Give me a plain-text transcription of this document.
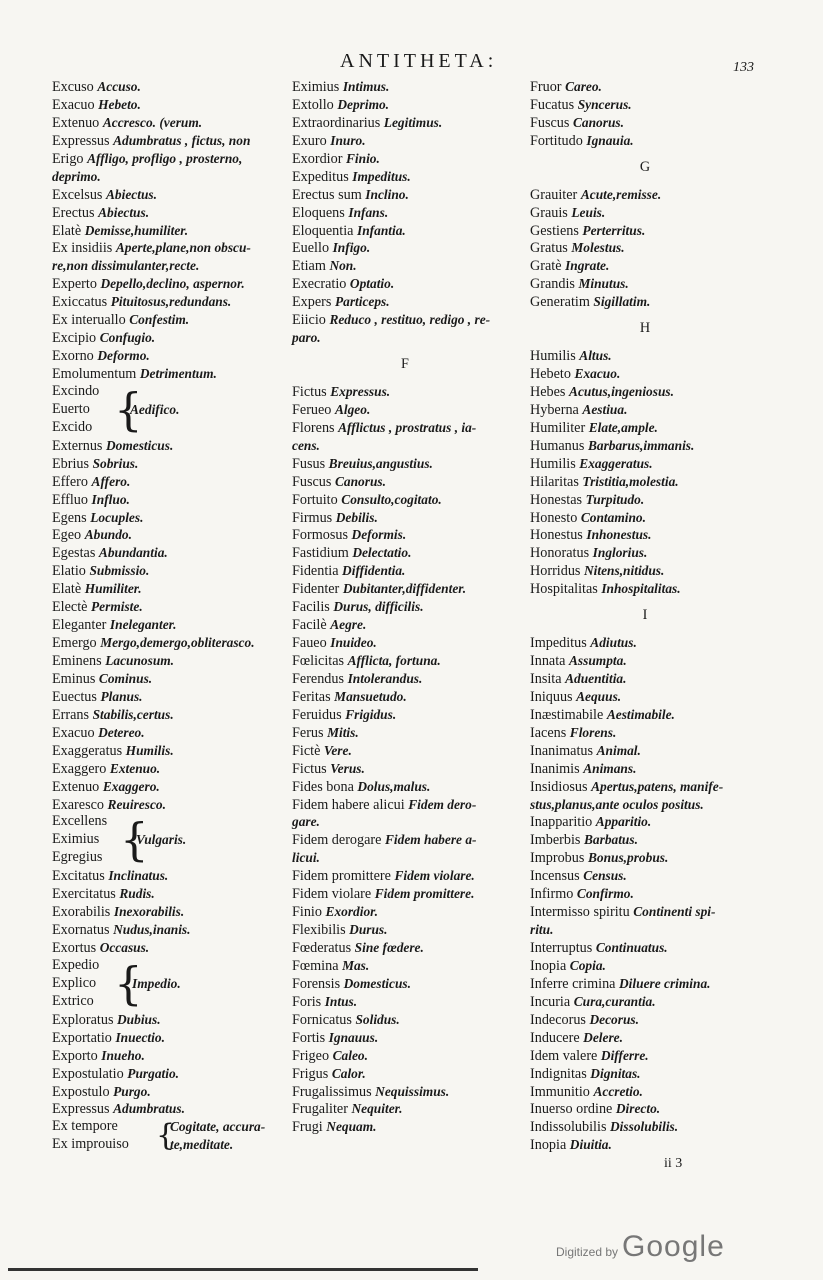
ANTITHETA:	133
Excuso Accuso.
Exacuo Hebeto.
Extenuo Accresco. (verum.
Expressus Adumbratus , fictus, non
Erigo Affligo, profligo , prosterno,
deprimo.
Excelsus Abiectus.
Erectus Abiectus.
Elatè Demisse,humiliter.
Ex insidiis Aperte,plane,non obscu-
re,non dissimulanter,recte.
Experto Depello,declino, aspernor.
Exiccatus Pituitosus,redundans.
Ex interuallo Confestim.
Excipio Confugio.
Exorno Deformo.
Emolumentum Detrimentum.
Excindo
Euerto
Excido {
Aedifico.
Externus Domesticus.
Ebrius Sobrius.
Effero Affero.
Effluo Influo.
Egens Locuples.
Egeo Abundo.
Egestas Abundantia.
Elatio Submissio.
Elatè Humiliter.
Electè Permiste.
Eleganter Ineleganter.
Emergo Mergo,demergo,obliterasco.
Eminens Lacunosum.
Eminus Cominus.
Euectus Planus.
Errans Stabilis,certus.
Exacuo Detereo.
Exaggeratus Humilis.
Exaggero Extenuo.
Extenuo Exaggero.
Exaresco Reuiresco.
Excellens
Eximius
Egregius {
Vulgaris.
Excitatus Inclinatus.
Exercitatus Rudis.
Exorabilis Inexorabilis.
Exornatus Nudus,inanis.
Exortus Occasus.
Expedio
Explico
Extrico {
Impedio.
Exploratus Dubius.
Exportatio Inuectio.
Exporto Inueho.
Expostulatio Purgatio.
Expostulo Purgo.
Expressus Adumbratus.
Ex tempore
Ex improuiso {
Cogitate, accura-
te,meditate.
Eximius Intimus.
Extollo Deprimo.
Extraordinarius Legitimus.
Exuro Inuro.
Exordior Finio.
Expeditus Impeditus.
Erectus sum Inclino.
Eloquens Infans.
Eloquentia Infantia.
Euello Infigo.
Etiam Non.
Execratio Optatio.
Expers Particeps.
Eiicio Reduco , restituo, redigo , re-
paro.
F
Fictus Expressus.
Ferueo Algeo.
Florens Afflictus , prostratus , ia-
cens.
Fusus Breuius,angustius.
Fuscus Canorus.
Fortuito Consulto,cogitato.
Firmus Debilis.
Formosus Deformis.
Fastidium Delectatio.
Fidentia Diffidentia.
Fidenter Dubitanter,diffidenter.
Facilis Durus, difficilis.
Facilè Aegre.
Faueo Inuideo.
Fœlicitas Afflicta, fortuna.
Ferendus Intolerandus.
Feritas Mansuetudo.
Feruidus Frigidus.
Ferus Mitis.
Fictè Vere.
Fictus Verus.
Fides bona Dolus,malus.
Fidem habere alicui Fidem dero-
gare.
Fidem derogare Fidem habere a-
licui.
Fidem promittere Fidem violare.
Fidem violare Fidem promittere.
Finio Exordior.
Flexibilis Durus.
Fœderatus Sine fœdere.
Fœmina Mas.
Forensis Domesticus.
Foris Intus.
Fornicatus Solidus.
Fortis Ignauus.
Frigeo Caleo.
Frigus Calor.
Frugalissimus Nequissimus.
Frugaliter Nequiter.
Frugi Nequam.
Fruor Careo.
Fucatus Syncerus.
Fuscus Canorus.
Fortitudo Ignauia.
G
Grauiter Acute,remisse.
Grauis Leuis.
Gestiens Perterritus.
Gratus Molestus.
Gratè Ingrate.
Grandis Minutus.
Generatim Sigillatim.
H
Humilis Altus.
Hebeto Exacuo.
Hebes Acutus,ingeniosus.
Hyberna Aestiua.
Humiliter Elate,ample.
Humanus Barbarus,immanis.
Humilis Exaggeratus.
Hilaritas Tristitia,molestia.
Honestas Turpitudo.
Honesto Contamino.
Honestus Inhonestus.
Honoratus Inglorius.
Horridus Nitens,nitidus.
Hospitalitas Inhospitalitas.
I
Impeditus Adiutus.
Innata Assumpta.
Insita Aduentitia.
Iniquus Aequus.
Inæstimabile Aestimabile.
Iacens Florens.
Inanimatus Animal.
Inanimis Animans.
Insidiosus Apertus,patens, manife-
stus,planus,ante oculos positus.
Inapparitio Apparitio.
Imberbis Barbatus.
Improbus Bonus,probus.
Incensus Census.
Infirmo Confirmo.
Intermisso spiritu Continenti spi-
ritu.
Interruptus Continuatus.
Inopia Copia.
Inferre crimina Diluere crimina.
Incuria Cura,curantia.
Indecorus Decorus.
Inducere Delere.
Idem valere Differre.
Indignitas Dignitas.
Immunitio Accretio.
Inuerso ordine Directo.
Indissolubilis Dissolubilis.
Inopia Diuitia.
ii 3
Digitized by Google
